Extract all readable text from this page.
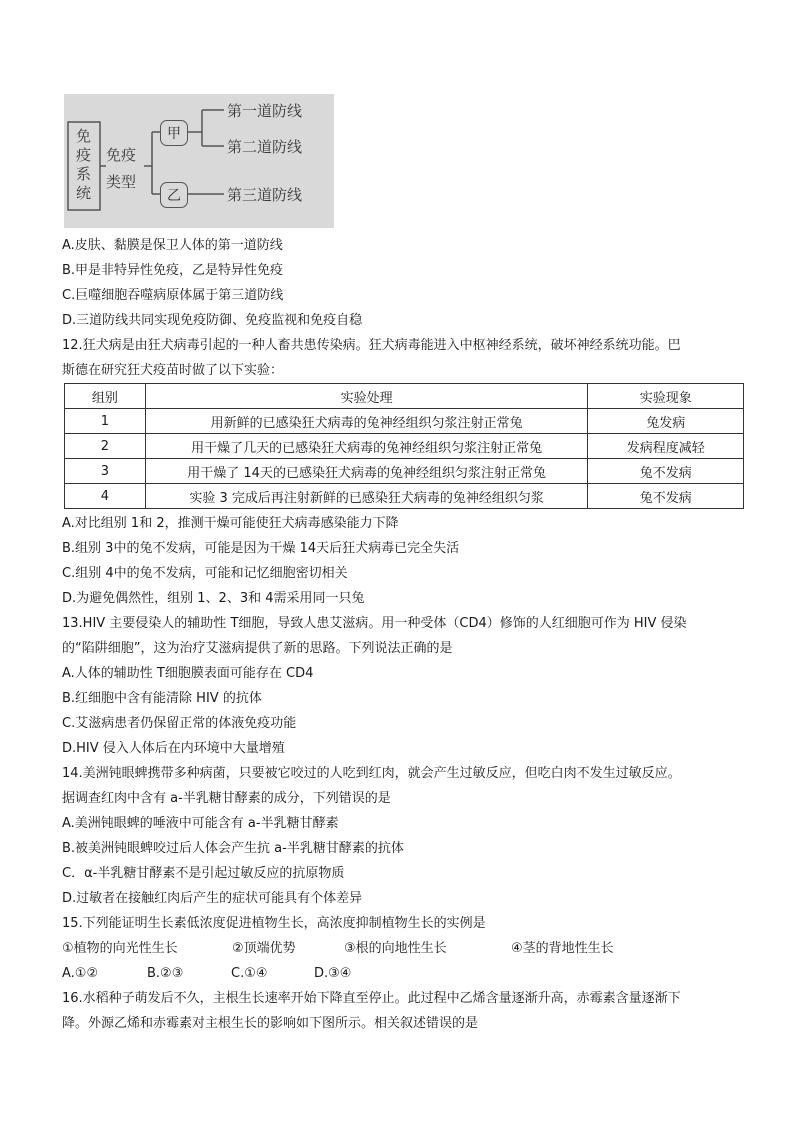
免
疫
系
统
免疫
类型
甲
乙
第一道防线
第二道防线
第三道防线
A.皮肤、黏膜是保卫人体的第一道防线
B.甲是非特异性免疫，乙是特异性免疫
C.巨噬细胞吞噬病原体属于第三道防线
D.三道防线共同实现免疫防御、免疫监视和免疫自稳
12.狂犬病是由狂犬病毒引起的一种人畜共患传染病。狂犬病毒能进入中枢神经系统，破坏神经系统功能。巴
斯德在研究狂犬疫苗时做了以下实验：
组别	实验处理	实验现象
1	用新鲜的已感染狂犬病毒的兔神经组织匀浆注射正常兔	兔发病
2	用干燥了几天的已感染狂犬病毒的兔神经组织匀浆注射正常兔	发病程度减轻
3	用干燥了 14天的已感染狂犬病毒的兔神经组织匀浆注射正常兔	兔不发病
4	实验 3 完成后再注射新鲜的已感染狂犬病毒的兔神经组织匀浆	兔不发病
A.对比组别 1和 2，推测干燥可能使狂犬病毒感染能力下降
B.组别 3中的兔不发病，可能是因为干燥 14天后狂犬病毒已完全失活
C.组别 4中的兔不发病，可能和记忆细胞密切相关
D.为避免偶然性，组别 1、2、3和 4需采用同一只兔
13.HIV 主要侵染人的辅助性 T细胞，导致人患艾滋病。用一种受体（CD4）修饰的人红细胞可作为 HIV 侵染
的“陷阱细胞”，这为治疗艾滋病提供了新的思路。下列说法正确的是
A.人体的辅助性 T细胞膜表面可能存在 CD4
B.红细胞中含有能清除 HIV 的抗体
C.艾滋病患者仍保留正常的体液免疫功能
D.HIV 侵入人体后在内环境中大量增殖
14.美洲钝眼蜱携带多种病菌，只要被它咬过的人吃到红肉，就会产生过敏反应，但吃白肉不发生过敏反应。
据调查红肉中含有 a-半乳糖甘酵素的成分，下列错误的是
A.美洲钝眼蜱的唾液中可能含有 a-半乳糖甘酵素
B.被美洲钝眼蜱咬过后人体会产生抗 a-半乳糖甘酵素的抗体
C．α-半乳糖甘酵素不是引起过敏反应的抗原物质
D.过敏者在接触红肉后产生的症状可能具有个体差异
15.下列能证明生长素低浓度促进植物生长，高浓度抑制植物生长的实例是
①植物的向光性生长	②顶端优势	③根的向地性生长	④茎的背地性生长
A.①②	B.②③	C.①④	D.③④
16.水稻种子萌发后不久，主根生长速率开始下降直至停止。此过程中乙烯含量逐渐升高，赤霉素含量逐渐下
降。外源乙烯和赤霉素对主根生长的影响如下图所示。相关叙述错误的是
